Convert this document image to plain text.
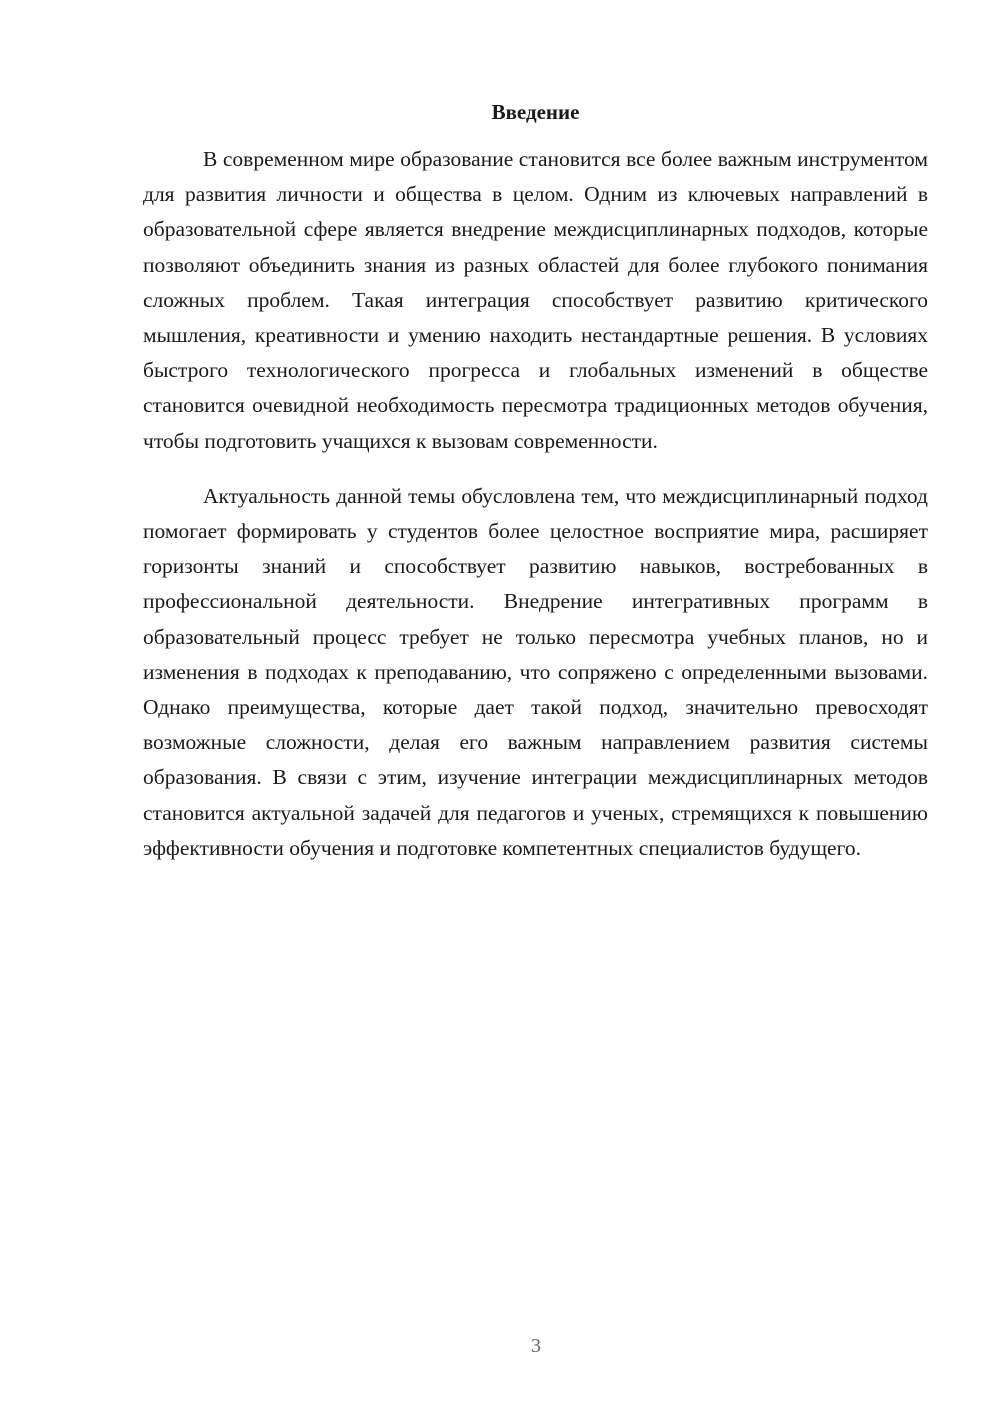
Введение

В современном мире образование становится все более важным инструментом для развития личности и общества в целом. Одним из ключевых направлений в образовательной сфере является внедрение междисциплинарных подходов, которые позволяют объединить знания из разных областей для более глубокого понимания сложных проблем. Такая интеграция способствует развитию критического мышления, креативности и умению находить нестандартные решения. В условиях быстрого технологического прогресса и глобальных изменений в обществе становится очевидной необходимость пересмотра традиционных методов обучения, чтобы подготовить учащихся к вызовам современности.

Актуальность данной темы обусловлена тем, что междисциплинарный подход помогает формировать у студентов более целостное восприятие мира, расширяет горизонты знаний и способствует развитию навыков, востребованных в профессиональной деятельности. Внедрение интегративных программ в образовательный процесс требует не только пересмотра учебных планов, но и изменения в подходах к преподаванию, что сопряжено с определенными вызовами. Однако преимущества, которые дает такой подход, значительно превосходят возможные сложности, делая его важным направлением развития системы образования. В связи с этим, изучение интеграции междисциплинарных методов становится актуальной задачей для педагогов и ученых, стремящихся к повышению эффективности обучения и подготовке компетентных специалистов будущего.

3
